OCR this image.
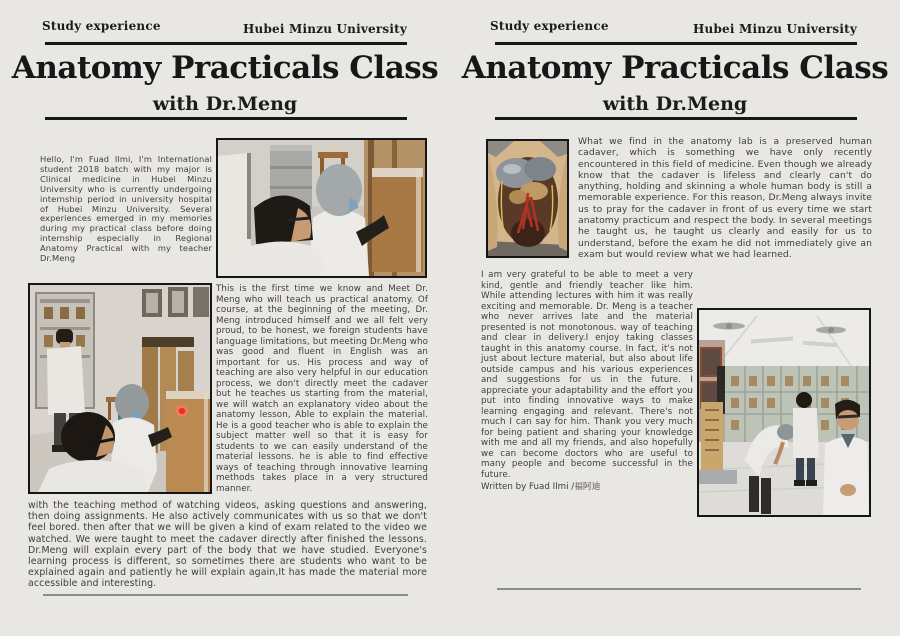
Study experience	Hubei Minzu University
Anatomy Practicals Class
with Dr.Meng

Hello, I'm Fuad Ilmi, I'm International student 2018 batch with my major is Clinical medicine in Hubei Minzu University who is currently undergoing internship period in university hospital of Hubei Minzu University. Several experiences emerged in my memories during my practical class before doing internship especially in Regional Anatomy Practical with my teacher Dr.Meng

This is the first time we know and Meet Dr. Meng who will teach us practical anatomy. Of course, at the beginning of the meeting, Dr. Meng introduced himself and we all felt very proud, to be honest, we foreign students have language limitations, but meeting Dr.Meng who was good and fluent in English was an important for us. His process and way of teaching are also very helpful in our education process, we don't directly meet the cadaver but he teaches us starting from the material, we will watch an explanatory video about the anatomy lesson, Able to explain the material. He is a good teacher who is able to explain the subject matter well so that it is easy for students to we can easily understand of the material lessons. he is able to find effective ways of teaching through innovative learning methods takes place in a very structured manner.

with the teaching method of watching videos, asking questions and answering, then doing assignments. He also actively communicates with us so that we don't feel bored. then after that we will be given a kind of exam related to the video we watched. We were taught to meet the cadaver directly after finished the lessons. Dr.Meng will explain every part of the body that we have studied. Everyone's learning process is different, so sometimes there are students who want to be explained again and patiently he will explain again,It has made the material more accessible and interesting.

Study experience	Hubei Minzu University
Anatomy Practicals Class
with Dr.Meng

What we find in the anatomy lab is a preserved human cadaver, which is something we have only recently encountered in this field of medicine. Even though we already know that the cadaver is lifeless and clearly can't do anything, holding and skinning a whole human body is still a memorable experience. For this reason, Dr.Meng always invite us to pray for the cadaver in front of us every time we start anatomy practicum and respect the body. In several meetings he taught us, he taught us clearly and easily for us to understand, before the exam he did not immediately give an exam but would review what we had learned.

I am very grateful to be able to meet a very kind, gentle and friendly teacher like him. While attending lectures with him it was really exciting and memorable. Dr. Meng is a teacher who never arrives late and the material presented is not monotonous. way of teaching and clear in delivery.I enjoy taking classes taught in this anatomy course. In fact, it's not just about lecture material, but also about life outside campus and his various experiences and suggestions for us in the future. I appreciate your adaptability and the effort you put into finding innovative ways to make learning engaging and relevant. There's not much I can say for him. Thank you very much for being patient and sharing your knowledge with me and all my friends, and also hopefully we can become doctors who are useful to many people and become successful in the future.

Written by Fuad Ilmi /福阿迪
